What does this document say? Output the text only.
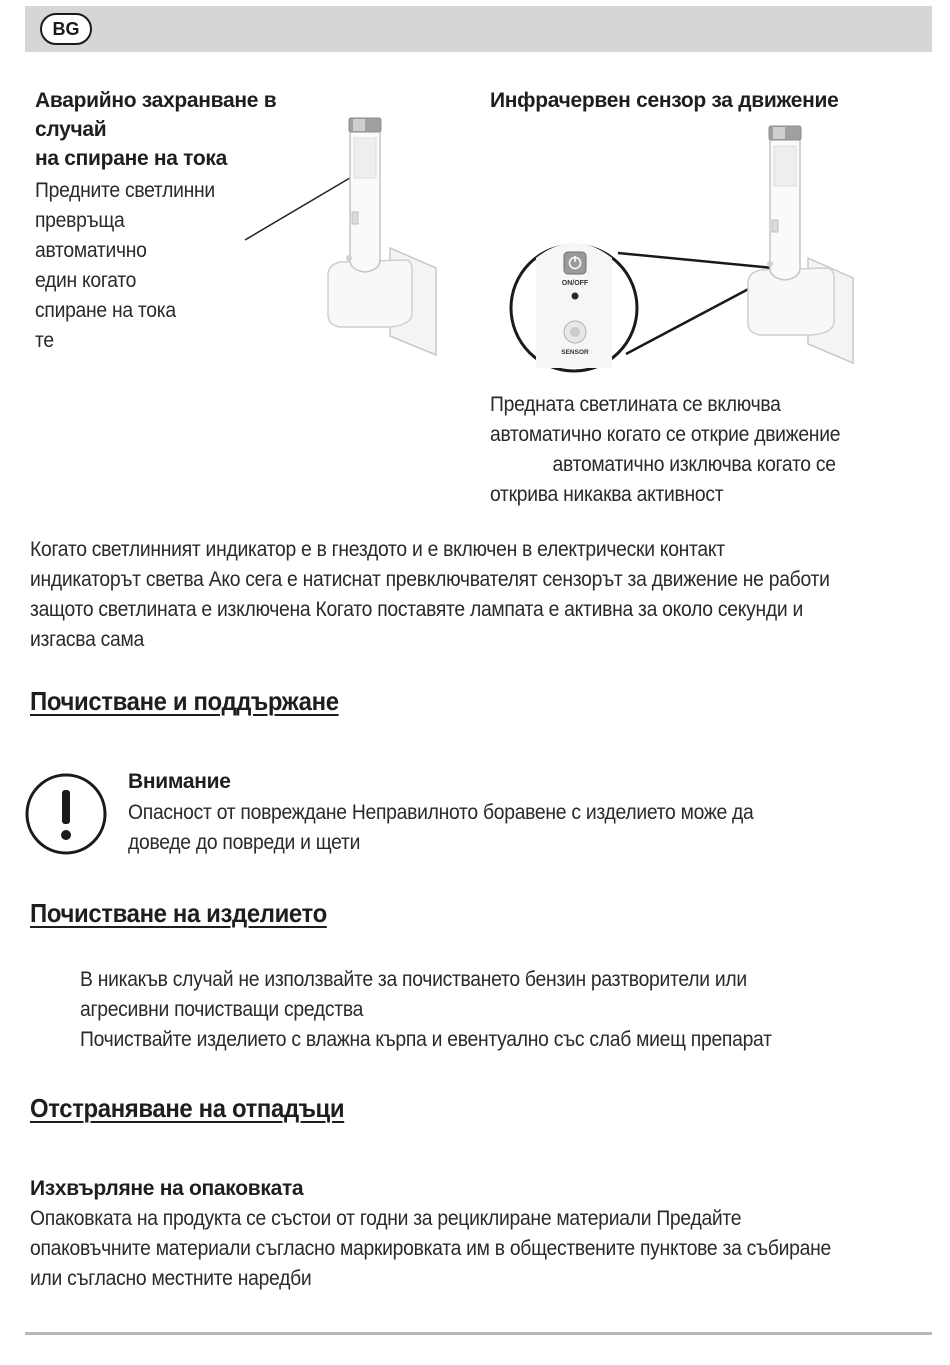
BG
Аварийно захранване в
случай
на спиране на тока
Предните светлинни
превръща
автоматично
един когато
спиране на тока
те
Инфрачервен сензор за движение
ON/OFF
SENSOR
Предната светлината се включва
автоматично когато се открие движение
автоматично изключва когато се
открива никаква активност
Когато светлинният индикатор е в гнездото и е включен в електрически контакт
индикаторът светва Ако сега е натиснат превключвателят сензорът за движение не работи
защото светлината е изключена Когато поставяте лампата е активна за около секунди и
изгасва сама
Почистване и поддържане
Внимание
Опасност от повреждане Неправилното боравене с изделието може да
доведе до повреди и щети
Почистване на изделието
В никакъв случай не използвайте за почистването бензин разтворители или
агресивни почистващи средства
Почиствайте изделието с влажна кърпа и евентуално със слаб миещ препарат
Отстраняване на отпадъци
Изхвърляне на опаковката
Опаковката на продукта се състои от годни за рециклиране материали Предайте
опаковъчните материали съгласно маркировката им в обществените пунктове за събиране
или съгласно местните наредби
